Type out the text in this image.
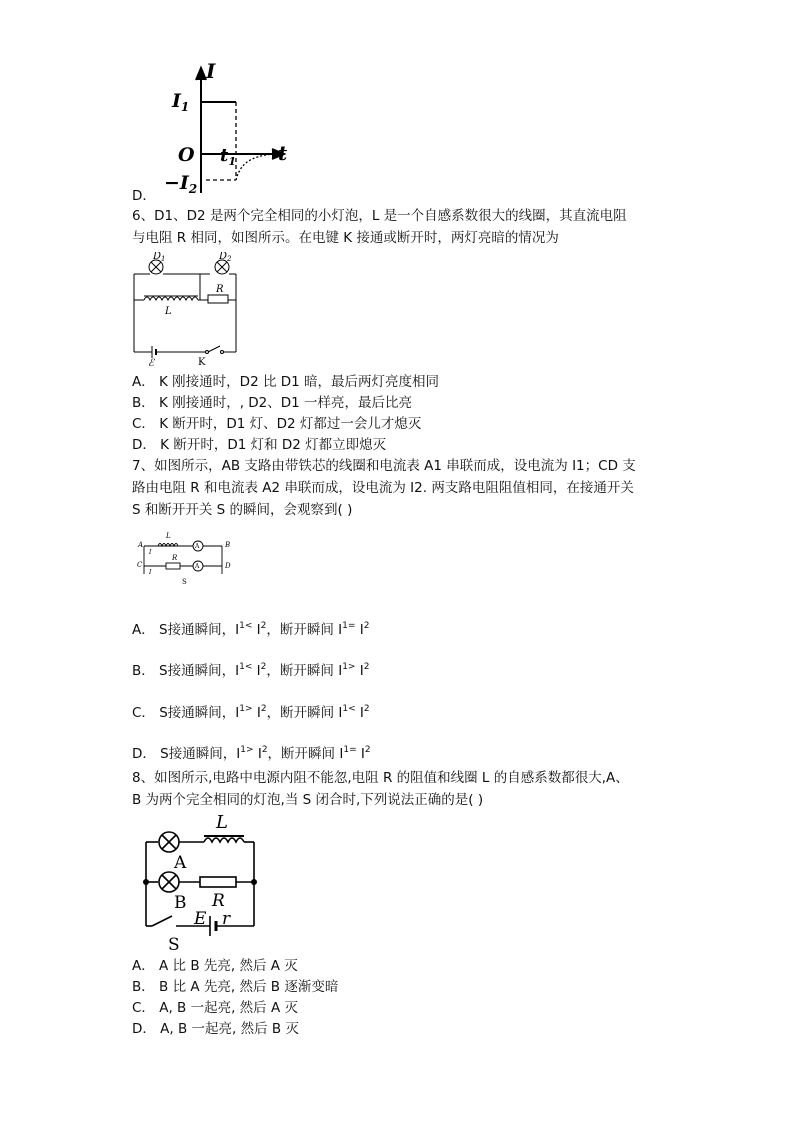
I
t
$I_1$
O $t_1$
$-I_2$
D．
6、D1、D2 是两个完全相同的小灯泡，L 是一个自感系数很大的线圈，其直流电阻
与电阻 R 相同，如图所示。在电键 K 接通或断开时，两灯亮暗的情况为
$D_1$	$D_2$
R
L
ℰ	K
A． K 刚接通时，D2 比 D1 暗，最后两灯亮度相同
B． K 刚接通时，, D2、D1 一样亮，最后比亮
C． K 断开时，D1 灯、D2 灯都过一会儿才熄灭
D． K 断开时，D1 灯和 D2 灯都立即熄灭
7、如图所示，AB 支路由带铁芯的线圈和电流表 A1 串联而成，设电流为 I1；CD 支
路由电阻 R 和电流表 A2 串联而成，设电流为 I2. 两支路电阻阻值相同，在接通开关
S 和断开开关 S 的瞬间，会观察到( )
A
L
B
C	D
R
I
I
A
A
S
A． S接通瞬间，$I^{1<}$ $I^2$，断开瞬间 $I^{1=}$ $I^2$
B． S接通瞬间，$I^{1<}$ $I^2$，断开瞬间 $I^{1>}$ $I^2$
C． S接通瞬间，$I^{1>}$ $I^2$，断开瞬间 $I^{1<}$ $I^2$
D． S接通瞬间，$I^{1>}$ $I^2$，断开瞬间 $I^{1=}$ $I^2$
8、如图所示,电路中电源内阻不能忽,电阻 R 的阻值和线圈 L 的自感系数都很大,A、
B 为两个完全相同的灯泡,当 S 闭合时,下列说法正确的是( )
L
A
B R
E r
S
A． A 比 B 先亮, 然后 A 灭
B． B 比 A 先亮, 然后 B 逐渐变暗
C． A, B 一起亮, 然后 A 灭
D． A, B 一起亮, 然后 B 灭
